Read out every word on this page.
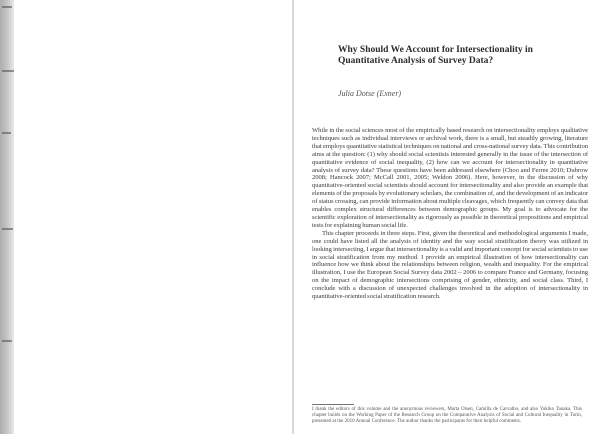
Why Should We Account for Intersectionality in Quantitative Analysis of Survey Data?
Julia Dotse (Exner)

While in the social sciences most of the empirically based research on intersectionality employs qualitative techniques such as individual interviews or archival work, there is a small, but steadily growing, literature that employs quantitative statistical techniques on national and cross-national survey data. This contribution aims at the question: (1) why should social scientists interested generally in the issue of the intersection of quantitative evidence of social inequality, (2) how can we account for intersectionality in quantitative analysis of survey data? These questions have been addressed elsewhere (Choo and Ferree 2010; Dubrow 2008; Hancock 2007; McCall 2001, 2005; Weldon 2006). Here, however, in the discussion of why quantitative-oriented social scientists should account for intersectionality and also provide an example that elements of the proposals by evolutionary scholars, the combination of, and the development of an indicator of status crossing, can provide information about multiple cleavages, which frequently can convey data that enables complex structural differences between demographic groups. My goal is to advocate for the scientific exploration of intersectionality as rigorously as possible in theoretical propositions and empirical tests for explaining human social life.

This chapter proceeds in three steps. First, given the theoretical and methodological arguments I made, one could have listed all the analysis of identity and the way social stratification theory was utilized in looking intersecting, I argue that intersectionality is a valid and important concept for social scientists to use in social stratification from my method. I provide an empirical illustration of how intersectionality can influence how we think about the relationships between religion, wealth and inequality. For the empirical illustration, I use the European Social Survey data 2002 – 2006 to compare France and Germany, focusing on the impact of demographic intersections comprising of gender, ethnicity, and social class. Third, I conclude with a discussion of unexpected challenges involved in the adoption of intersectionality in quantitative-oriented social stratification research.

I thank the editors of this volume and the anonymous reviewers, Marta Olsen, Camilla de Carvalho, and also Yukiko Tanaka. This chapter builds on the Working Paper of the Research Group on the Comparative Analysis of Social and Cultural Inequality in Turin, presented at the 2010 Annual Conference. The author thanks the participants for their helpful comments.
